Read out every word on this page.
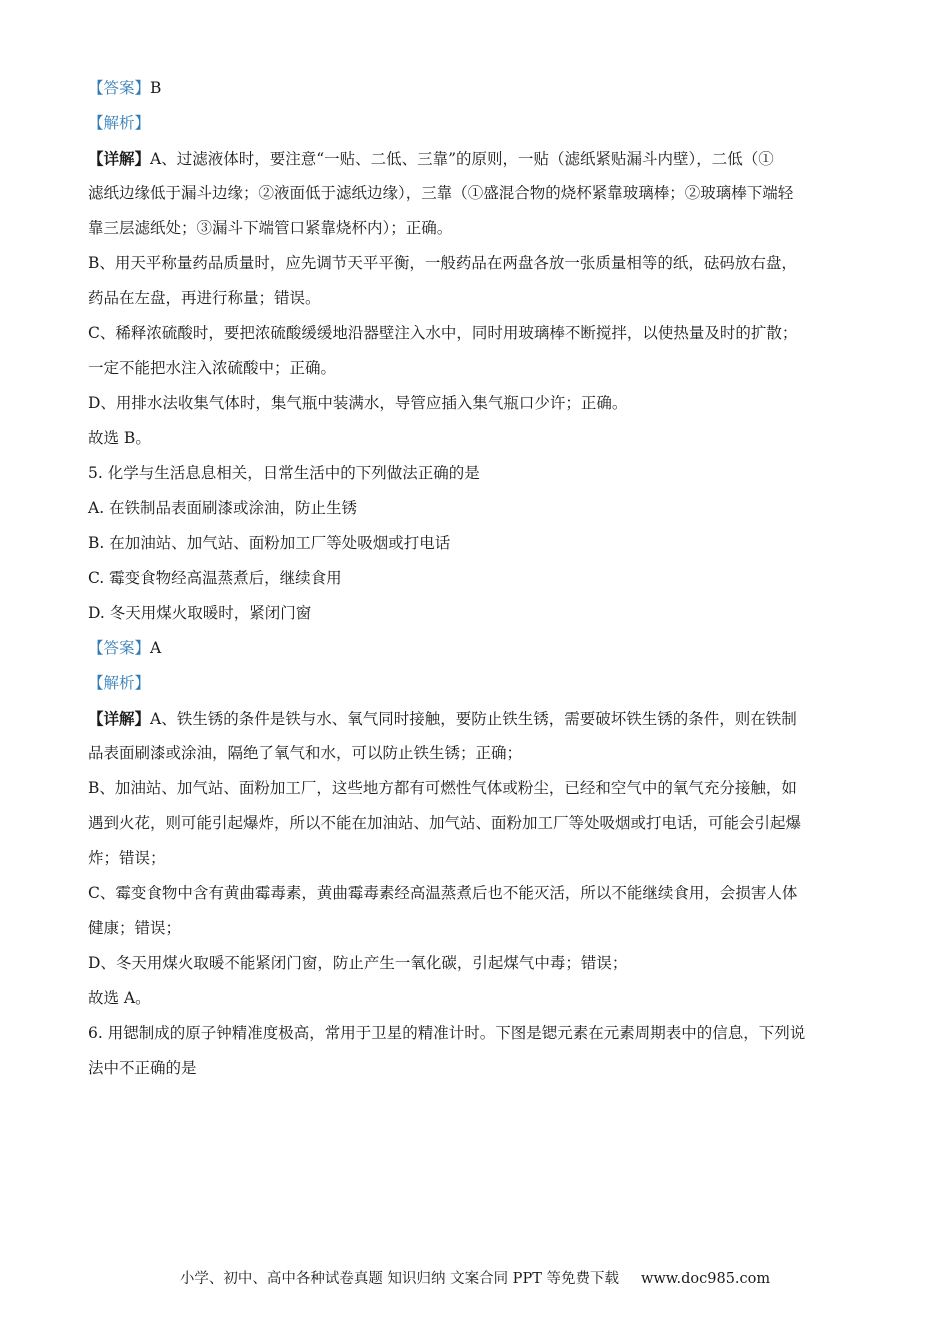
【答案】B
【解析】
【详解】A、过滤液体时，要注意“一贴、二低、三靠”的原则，一贴（滤纸紧贴漏斗内壁），二低（①
滤纸边缘低于漏斗边缘；②液面低于滤纸边缘），三靠（①盛混合物的烧杯紧靠玻璃棒；②玻璃棒下端轻
靠三层滤纸处；③漏斗下端管口紧靠烧杯内）；正确。
B、用天平称量药品质量时，应先调节天平平衡，一般药品在两盘各放一张质量相等的纸，砝码放右盘，
药品在左盘，再进行称量；错误。
C、稀释浓硫酸时，要把浓硫酸缓缓地沿器壁注入水中，同时用玻璃棒不断搅拌，以使热量及时的扩散；
一定不能把水注入浓硫酸中；正确。
D、用排水法收集气体时，集气瓶中装满水，导管应插入集气瓶口少许；正确。
故选 B。
5. 化学与生活息息相关，日常生活中的下列做法正确的是
A. 在铁制品表面刷漆或涂油，防止生锈
B. 在加油站、加气站、面粉加工厂等处吸烟或打电话
C. 霉变食物经高温蒸煮后，继续食用
D. 冬天用煤火取暖时，紧闭门窗
【答案】A
【解析】
【详解】A、铁生锈的条件是铁与水、氧气同时接触，要防止铁生锈，需要破坏铁生锈的条件，则在铁制
品表面刷漆或涂油，隔绝了氧气和水，可以防止铁生锈；正确；
B、加油站、加气站、面粉加工厂，这些地方都有可燃性气体或粉尘，已经和空气中的氧气充分接触，如
遇到火花，则可能引起爆炸，所以不能在加油站、加气站、面粉加工厂等处吸烟或打电话，可能会引起爆
炸；错误；
C、霉变食物中含有黄曲霉毒素，黄曲霉毒素经高温蒸煮后也不能灭活，所以不能继续食用，会损害人体
健康；错误；
D、冬天用煤火取暖不能紧闭门窗，防止产生一氧化碳，引起煤气中毒；错误；
故选 A。
6. 用锶制成的原子钟精准度极高，常用于卫星的精准计时。下图是锶元素在元素周期表中的信息，下列说
法中不正确的是
小学、初中、高中各种试卷真题 知识归纳 文案合同 PPT 等免费下载 www.doc985.com
